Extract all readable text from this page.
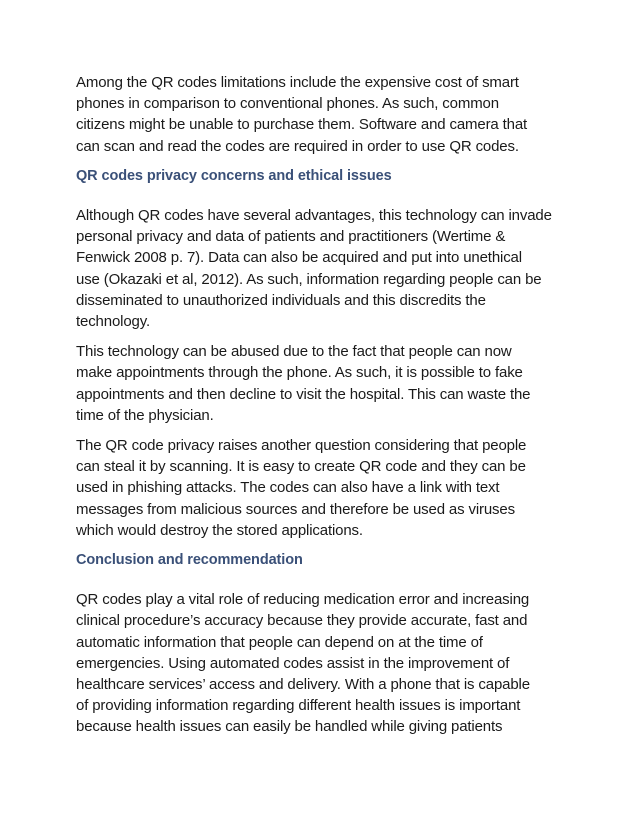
Among the QR codes limitations include the expensive cost of smart
phones in comparison to conventional phones. As such, common
citizens might be unable to purchase them. Software and camera that
can scan and read the codes are required in order to use QR codes.

QR codes privacy concerns and ethical issues

Although QR codes have several advantages, this technology can invade
personal privacy and data of patients and practitioners (Wertime &
Fenwick 2008 p. 7). Data can also be acquired and put into unethical
use (Okazaki et al, 2012). As such, information regarding people can be
disseminated to unauthorized individuals and this discredits the
technology.

This technology can be abused due to the fact that people can now
make appointments through the phone. As such, it is possible to fake
appointments and then decline to visit the hospital. This can waste the
time of the physician.

The QR code privacy raises another question considering that people
can steal it by scanning. It is easy to create QR code and they can be
used in phishing attacks. The codes can also have a link with text
messages from malicious sources and therefore be used as viruses
which would destroy the stored applications.

Conclusion and recommendation

QR codes play a vital role of reducing medication error and increasing
clinical procedure’s accuracy because they provide accurate, fast and
automatic information that people can depend on at the time of
emergencies. Using automated codes assist in the improvement of
healthcare services’ access and delivery. With a phone that is capable
of providing information regarding different health issues is important
because health issues can easily be handled while giving patients
